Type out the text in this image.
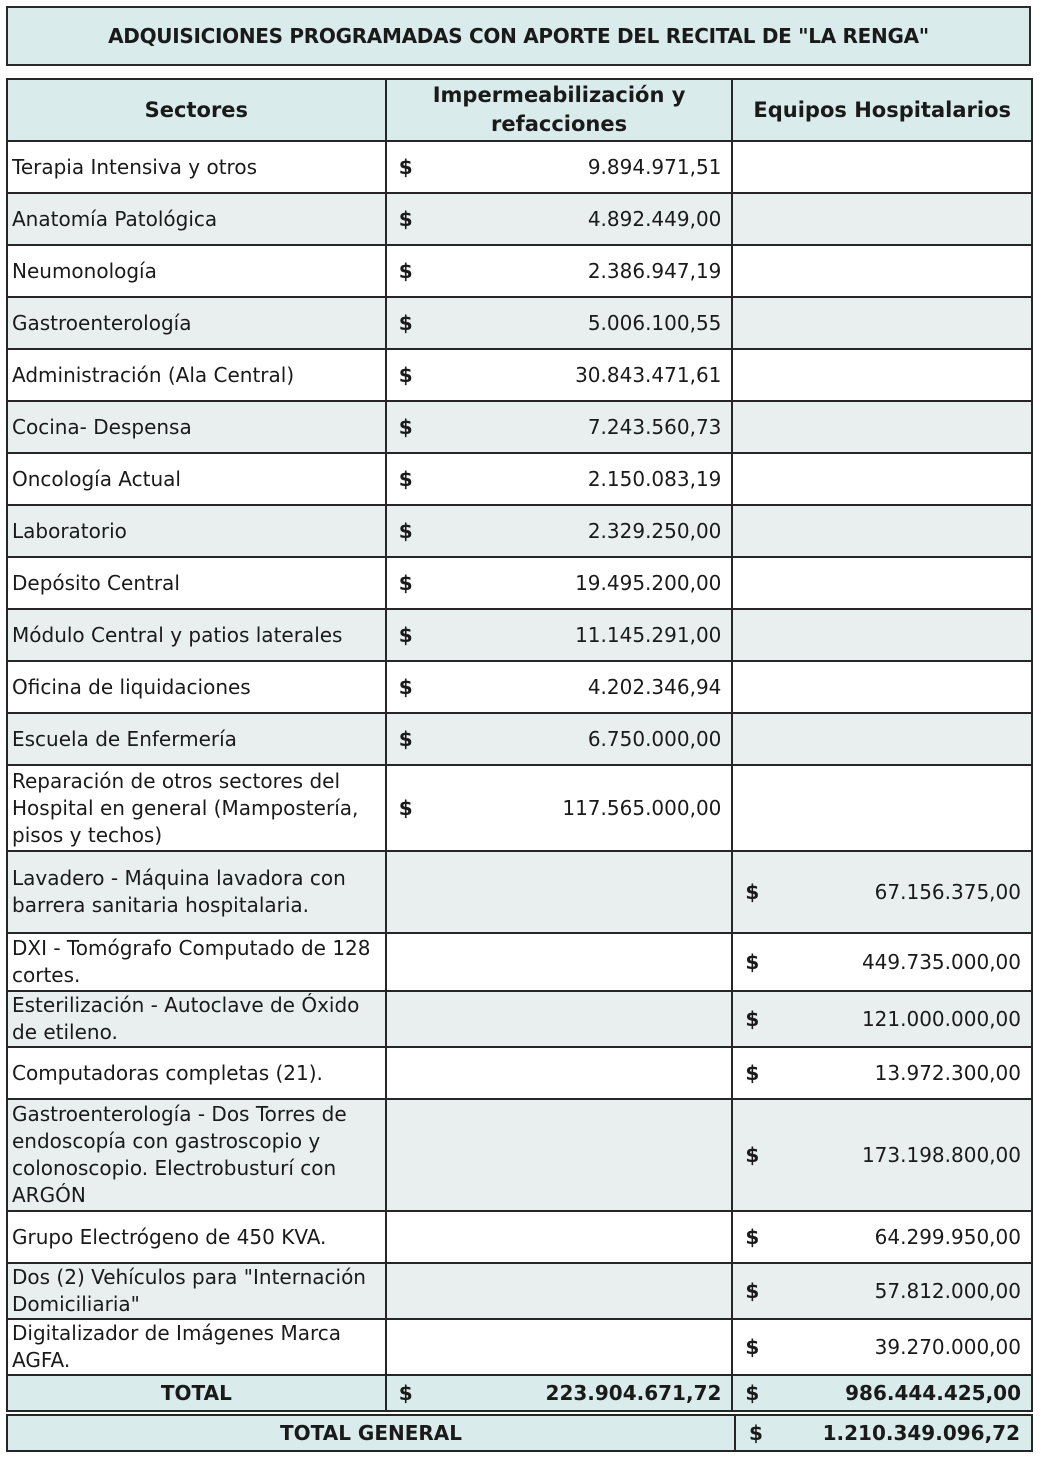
ADQUISICIONES PROGRAMADAS CON APORTE DEL RECITAL DE "LA RENGA"
Sectores	Impermeabilización y refacciones	Equipos Hospitalarios
Terapia Intensiva y otros	$ 9.894.971,51	

Anatomía Patológica	$ 4.892.449,00	

Neumonología	$ 2.386.947,19	

Gastroenterología	$ 5.006.100,55	

Administración (Ala Central)	$ 30.843.471,61	

Cocina- Despensa	$ 7.243.560,73	

Oncología Actual	$ 2.150.083,19	

Laboratorio	$ 2.329.250,00	

Depósito Central	$ 19.495.200,00	

Módulo Central y patios laterales	$ 11.145.291,00	

Oficina de liquidaciones	$ 4.202.346,94	

Escuela de Enfermería	$ 6.750.000,00	

Reparación de otros sectores del Hospital en general (Mampostería, pisos y techos)	$ 117.565.000,00	

Lavadero - Máquina lavadora con barrera sanitaria hospitalaria.		$ 67.156.375,00

DXI - Tomógrafo Computado de 128 cortes.		$ 449.735.000,00

Esterilización - Autoclave de Óxido de etileno.		$ 121.000.000,00

Computadoras completas (21).		$ 13.972.300,00

Gastroenterología - Dos Torres de endoscopía con gastroscopio y colonoscopio. Electrobusturí con ARGÓN		$ 173.198.800,00

Grupo Electrógeno de 450 KVA.		$ 64.299.950,00

Dos (2) Vehículos para "Internación Domiciliaria"		$ 57.812.000,00

Digitalizador de Imágenes Marca AGFA.		$ 39.270.000,00

TOTAL	$ 223.904.671,72	$ 986.444.425,00
TOTAL GENERAL	$	1.210.349.096,72
